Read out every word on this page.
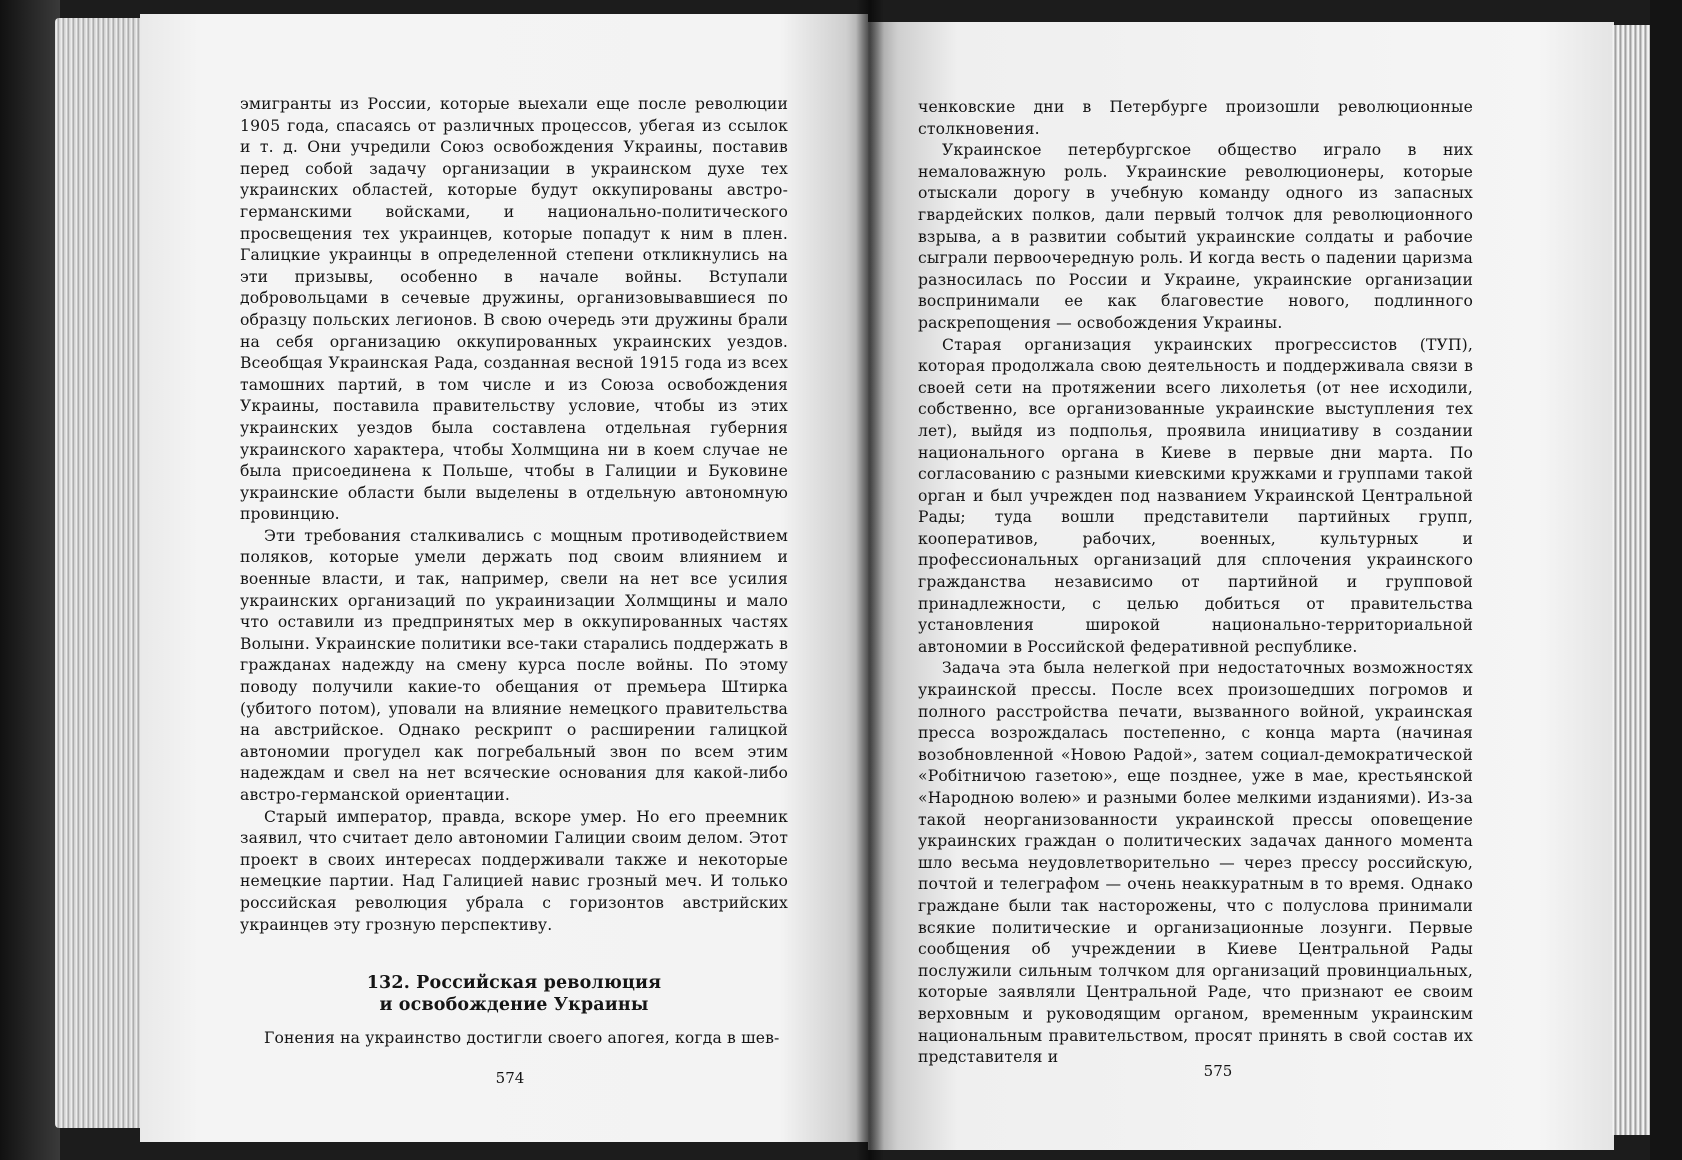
эмигранты из России, которые выехали еще после революции 1905 года, спасаясь от различных процессов, убегая из ссылок и т. д. Они учредили Союз освобождения Украины, поставив перед собой задачу организации в украинском духе тех украинских областей, которые будут оккупированы австро-германскими войсками, и национально-политического просвещения тех украинцев, которые попадут к ним в плен. Галицкие украинцы в определенной степени откликнулись на эти призывы, особенно в начале войны. Вступали добровольцами в сечевые дружины, организовывавшиеся по образцу польских легионов. В свою очередь эти дружины брали на себя организацию оккупированных украинских уездов. Всеобщая Украинская Рада, созданная весной 1915 года из всех тамошних партий, в том числе и из Союза освобождения Украины, поставила правительству условие, чтобы из этих украинских уездов была составлена отдельная губерния украинского характера, чтобы Холмщина ни в коем случае не была присоединена к Польше, чтобы в Галиции и Буковине украинские области были выделены в отдельную автономную провинцию.

Эти требования сталкивались с мощным противодействием поляков, которые умели держать под своим влиянием и военные власти, и так, например, свели на нет все усилия украинских организаций по украинизации Холмщины и мало что оставили из предпринятых мер в оккупированных частях Волыни. Украинские политики все-таки старались поддержать в гражданах надежду на смену курса после войны. По этому поводу получили какие-то обещания от премьера Штирка (убитого потом), уповали на влияние немецкого правительства на австрийское. Однако рескрипт о расширении галицкой автономии прогудел как погребальный звон по всем этим надеждам и свел на нет всяческие основания для какой-либо австро-германской ориентации.

Старый император, правда, вскоре умер. Но его преемник заявил, что считает дело автономии Галиции своим делом. Этот проект в своих интересах поддерживали также и некоторые немецкие партии. Над Галицией навис грозный меч. И только российская революция убрала с горизонтов австрийских украинцев эту грозную перспективу.

132. Российская революция
и освобождение Украины

Гонения на украинство достигли своего апогея, когда в шев-

574

ченковские дни в Петербурге произошли революционные столкновения.

Украинское петербургское общество играло в них немаловажную роль. Украинские революционеры, которые отыскали дорогу в учебную команду одного из запасных гвардейских полков, дали первый толчок для революционного взрыва, а в развитии событий украинские солдаты и рабочие сыграли первоочередную роль. И когда весть о падении царизма разносилась по России и Украине, украинские организации воспринимали ее как благовестие нового, подлинного раскрепощения — освобождения Украины.

Старая организация украинских прогрессистов (ТУП), которая продолжала свою деятельность и поддерживала связи в своей сети на протяжении всего лихолетья (от нее исходили, собственно, все организованные украинские выступления тех лет), выйдя из подполья, проявила инициативу в создании национального органа в Киеве в первые дни марта. По согласованию с разными киевскими кружками и группами такой орган и был учрежден под названием Украинской Центральной Рады; туда вошли представители партийных групп, кооперативов, рабочих, военных, культурных и профессиональных организаций для сплочения украинского гражданства независимо от партийной и групповой принадлежности, с целью добиться от правительства установления широкой национально-территориальной автономии в Российской федеративной республике.

Задача эта была нелегкой при недостаточных возможностях украинской прессы. После всех произошедших погромов и полного расстройства печати, вызванного войной, украинская пресса возрождалась постепенно, с конца марта (начиная возобновленной «Новою Радой», затем социал-демократической «Робітничою газетою», еще позднее, уже в мае, крестьянской «Народною волею» и разными более мелкими изданиями). Из-за такой неорганизованности украинской прессы оповещение украинских граждан о политических задачах данного момента шло весьма неудовлетворительно — через прессу российскую, почтой и телеграфом — очень неаккуратным в то время. Однако граждане были так насторожены, что с полуслова принимали всякие политические и организационные лозунги. Первые сообщения об учреждении в Киеве Центральной Рады послужили сильным толчком для организаций провинциальных, которые заявляли Центральной Раде, что признают ее своим верховным и руководящим органом, временным украинским национальным правительством, просят принять в свой состав их представителя и

575
